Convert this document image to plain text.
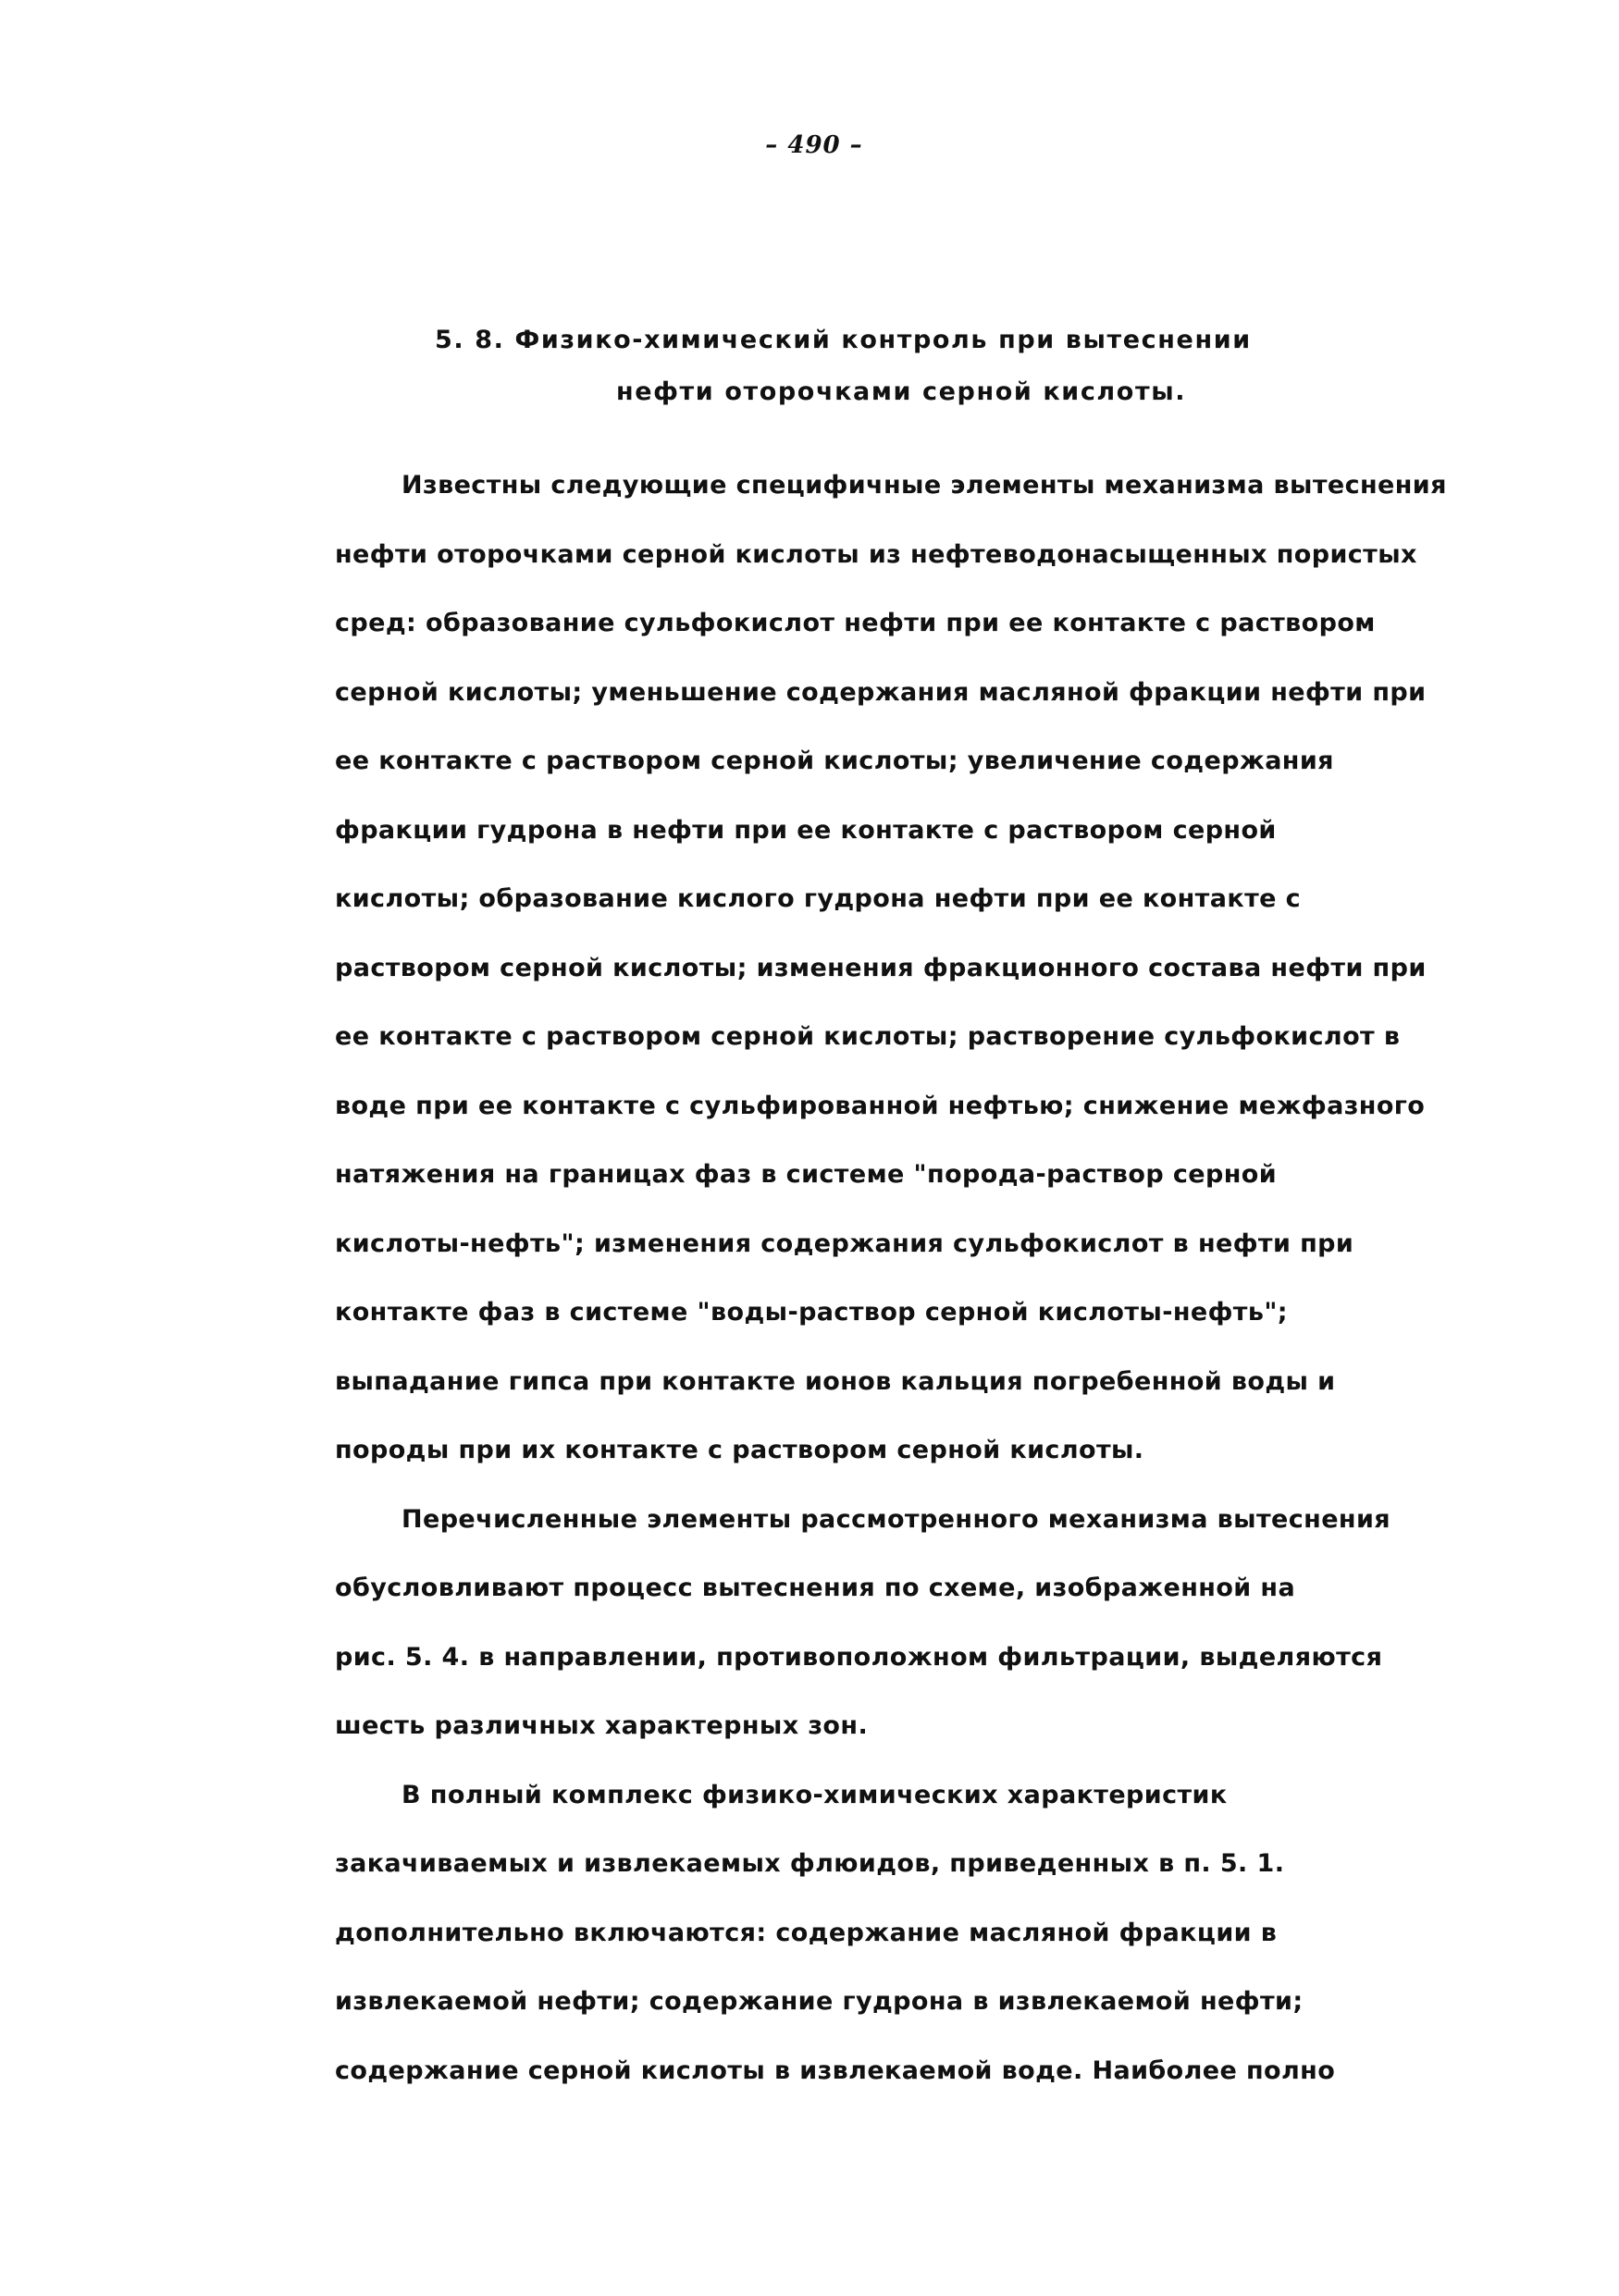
– 490 –
5. 8. Физико-химический контроль при вытеснении
нефти оторочками серной кислоты.

Известны следующие специфичные элементы механизма вытеснения
нефти оторочками серной кислоты из нефтеводонасыщенных пористых
сред: образование сульфокислот нефти при ее контакте с раствором
серной кислоты; уменьшение содержания масляной фракции нефти при
ее контакте с раствором серной кислоты; увеличение содержания
фракции гудрона в нефти при ее контакте с раствором серной
кислоты; образование кислого гудрона нефти при ее контакте с
раствором серной кислоты; изменения фракционного состава нефти при
ее контакте с раствором серной кислоты; растворение сульфокислот в
воде при ее контакте с сульфированной нефтью; снижение межфазного
натяжения на границах фаз в системе "порода-раствор серной
кислоты-нефть"; изменения содержания сульфокислот в нефти при
контакте фаз в системе "воды-раствор серной кислоты-нефть";
выпадание гипса при контакте ионов кальция погребенной воды и
породы при их контакте с раствором серной кислоты.

Перечисленные элементы рассмотренного механизма вытеснения
обусловливают процесс вытеснения по схеме, изображенной на
рис. 5. 4. в направлении, противоположном фильтрации, выделяются
шесть различных характерных зон.

В полный комплекс физико-химических характеристик
закачиваемых и извлекаемых флюидов, приведенных в п. 5. 1.
дополнительно включаются: содержание масляной фракции в
извлекаемой нефти; содержание гудрона в извлекаемой нефти;
содержание серной кислоты в извлекаемой воде. Наиболее полно
